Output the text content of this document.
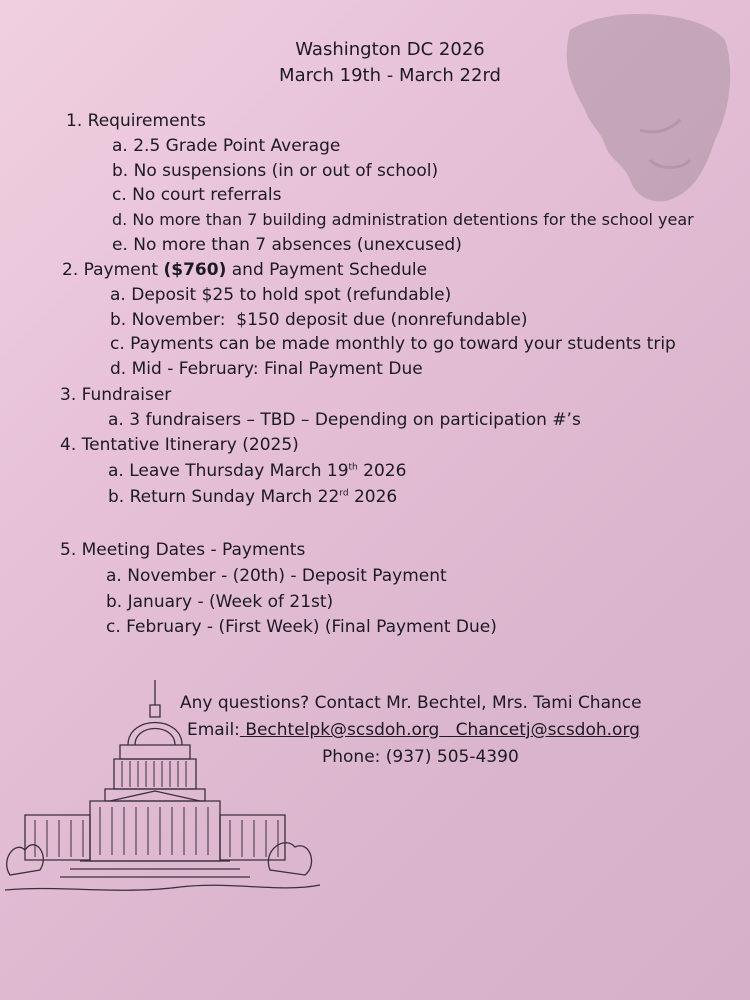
Washington DC 2026
March 19th - March 22rd
1. Requirements
a. 2.5 Grade Point Average
b. No suspensions (in or out of school)
c. No court referrals
d. No more than 7 building administration detentions for the school year
e. No more than 7 absences (unexcused)
2. Payment ($760) and Payment Schedule
a. Deposit $25 to hold spot (refundable)
b. November:  $150 deposit due (nonrefundable)
c. Payments can be made monthly to go toward your students trip
d. Mid - February: Final Payment Due
3. Fundraiser
a. 3 fundraisers – TBD – Depending on participation #’s
4. Tentative Itinerary (2025)
a. Leave Thursday March 19th 2026
b. Return Sunday March 22rd 2026
5. Meeting Dates - Payments
a. November - (20th) - Deposit Payment
b. January - (Week of 21st)
c. February - (First Week) (Final Payment Due)
Any questions? Contact Mr. Bechtel, Mrs. Tami Chance
Email: Bechtelpk@scsdoh.org Chancetj@scsdoh.org
Phone: (937) 505-4390
